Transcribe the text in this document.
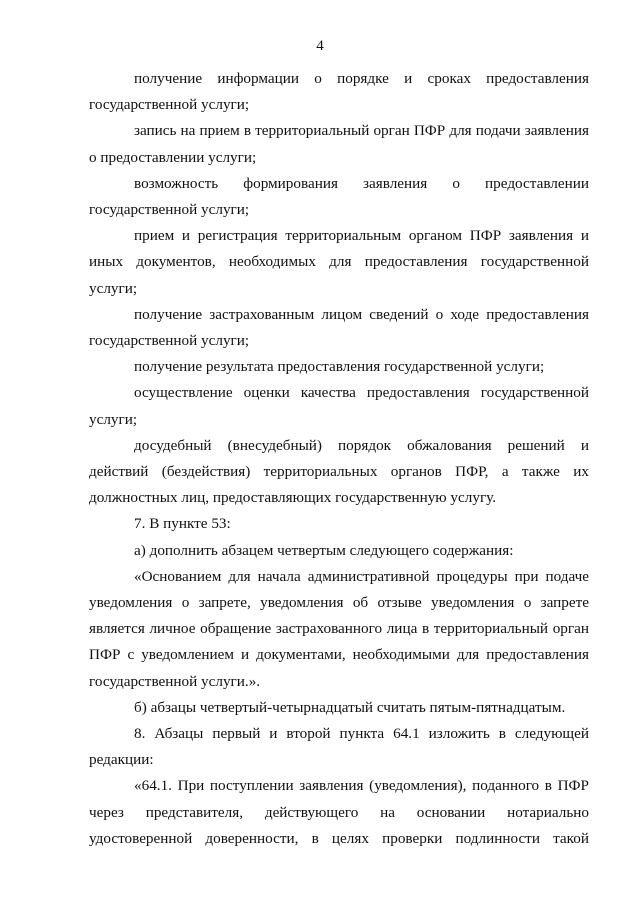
4

получение информации о порядке и сроках предоставления государственной услуги;

запись на прием в территориальный орган ПФР для подачи заявления о предоставлении услуги;

возможность формирования заявления о предоставлении государственной услуги;

прием и регистрация территориальным органом ПФР заявления и иных документов, необходимых для предоставления государственной услуги;

получение застрахованным лицом сведений о ходе предоставления государственной услуги;

получение результата предоставления государственной услуги;

осуществление оценки качества предоставления государственной услуги;

досудебный (внесудебный) порядок обжалования решений и действий (бездействия) территориальных органов ПФР, а также их должностных лиц, предоставляющих государственную услугу.

7. В пункте 53:

а) дополнить абзацем четвертым следующего содержания:

«Основанием для начала административной процедуры при подаче уведомления о запрете, уведомления об отзыве уведомления о запрете является личное обращение застрахованного лица в территориальный орган ПФР с уведомлением и документами, необходимыми для предоставления государственной услуги.».

б) абзацы четвертый-четырнадцатый считать пятым-пятнадцатым.

8. Абзацы первый и второй пункта 64.1 изложить в следующей редакции:

«64.1. При поступлении заявления (уведомления), поданного в ПФР через представителя, действующего на основании нотариально удостоверенной доверенности, в целях проверки подлинности такой
